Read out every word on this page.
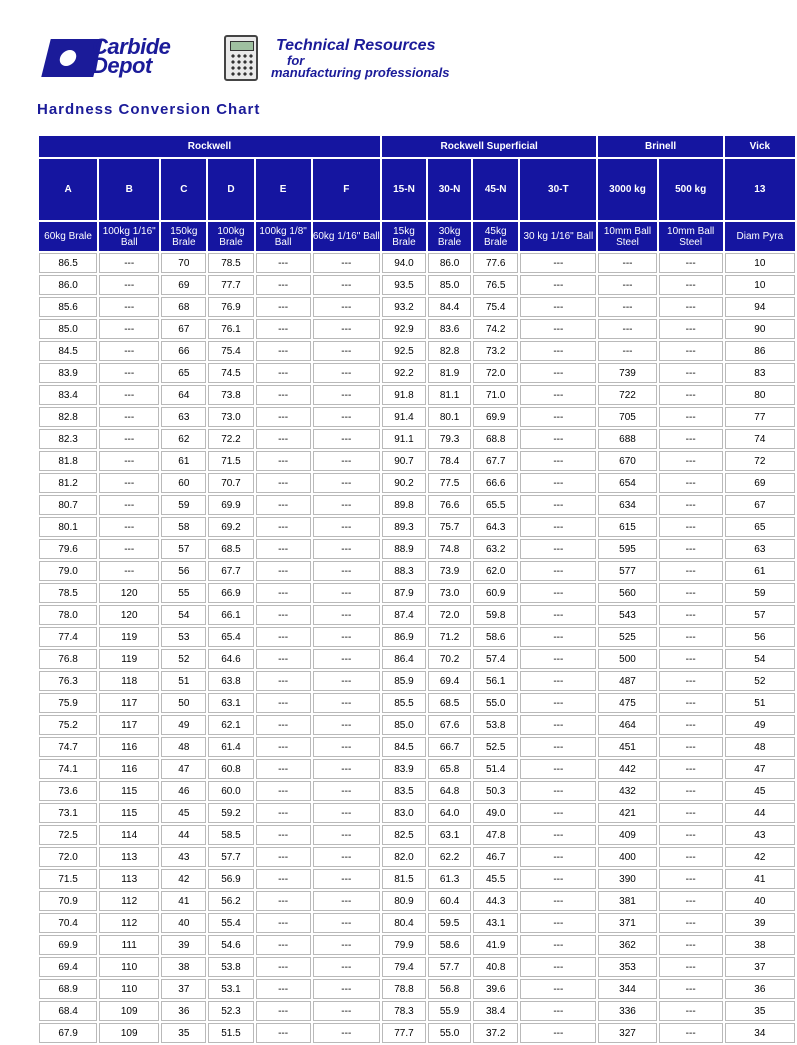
Carbide
Depot
Technical Resources
for
manufacturing professionals
Hardness Conversion Chart
Rockwell						Rockwell Superficial				Brinell		Vick
A	B	C	D	E	F	15-N	30-N	45-N	30-T	3000 kg	500 kg	13
60kg Brale	100kg 1/16" Ball	150kg Brale	100kg Brale	100kg 1/8" Ball	60kg 1/16" Ball	15kg Brale	30kg Brale	45kg Brale	30 kg 1/16" Ball	10mm Ball Steel	10mm Ball Steel	Diam Pyra
86.5	---	70	78.5	---	---	94.0	86.0	77.6	---	---	---	10
86.0	---	69	77.7	---	---	93.5	85.0	76.5	---	---	---	10
85.6	---	68	76.9	---	---	93.2	84.4	75.4	---	---	---	94
85.0	---	67	76.1	---	---	92.9	83.6	74.2	---	---	---	90
84.5	---	66	75.4	---	---	92.5	82.8	73.2	---	---	---	86
83.9	---	65	74.5	---	---	92.2	81.9	72.0	---	739	---	83
83.4	---	64	73.8	---	---	91.8	81.1	71.0	---	722	---	80
82.8	---	63	73.0	---	---	91.4	80.1	69.9	---	705	---	77
82.3	---	62	72.2	---	---	91.1	79.3	68.8	---	688	---	74
81.8	---	61	71.5	---	---	90.7	78.4	67.7	---	670	---	72
81.2	---	60	70.7	---	---	90.2	77.5	66.6	---	654	---	69
80.7	---	59	69.9	---	---	89.8	76.6	65.5	---	634	---	67
80.1	---	58	69.2	---	---	89.3	75.7	64.3	---	615	---	65
79.6	---	57	68.5	---	---	88.9	74.8	63.2	---	595	---	63
79.0	---	56	67.7	---	---	88.3	73.9	62.0	---	577	---	61
78.5	120	55	66.9	---	---	87.9	73.0	60.9	---	560	---	59
78.0	120	54	66.1	---	---	87.4	72.0	59.8	---	543	---	57
77.4	119	53	65.4	---	---	86.9	71.2	58.6	---	525	---	56
76.8	119	52	64.6	---	---	86.4	70.2	57.4	---	500	---	54
76.3	118	51	63.8	---	---	85.9	69.4	56.1	---	487	---	52
75.9	117	50	63.1	---	---	85.5	68.5	55.0	---	475	---	51
75.2	117	49	62.1	---	---	85.0	67.6	53.8	---	464	---	49
74.7	116	48	61.4	---	---	84.5	66.7	52.5	---	451	---	48
74.1	116	47	60.8	---	---	83.9	65.8	51.4	---	442	---	47
73.6	115	46	60.0	---	---	83.5	64.8	50.3	---	432	---	45
73.1	115	45	59.2	---	---	83.0	64.0	49.0	---	421	---	44
72.5	114	44	58.5	---	---	82.5	63.1	47.8	---	409	---	43
72.0	113	43	57.7	---	---	82.0	62.2	46.7	---	400	---	42
71.5	113	42	56.9	---	---	81.5	61.3	45.5	---	390	---	41
70.9	112	41	56.2	---	---	80.9	60.4	44.3	---	381	---	40
70.4	112	40	55.4	---	---	80.4	59.5	43.1	---	371	---	39
69.9	111	39	54.6	---	---	79.9	58.6	41.9	---	362	---	38
69.4	110	38	53.8	---	---	79.4	57.7	40.8	---	353	---	37
68.9	110	37	53.1	---	---	78.8	56.8	39.6	---	344	---	36
68.4	109	36	52.3	---	---	78.3	55.9	38.4	---	336	---	35
67.9	109	35	51.5	---	---	77.7	55.0	37.2	---	327	---	34
